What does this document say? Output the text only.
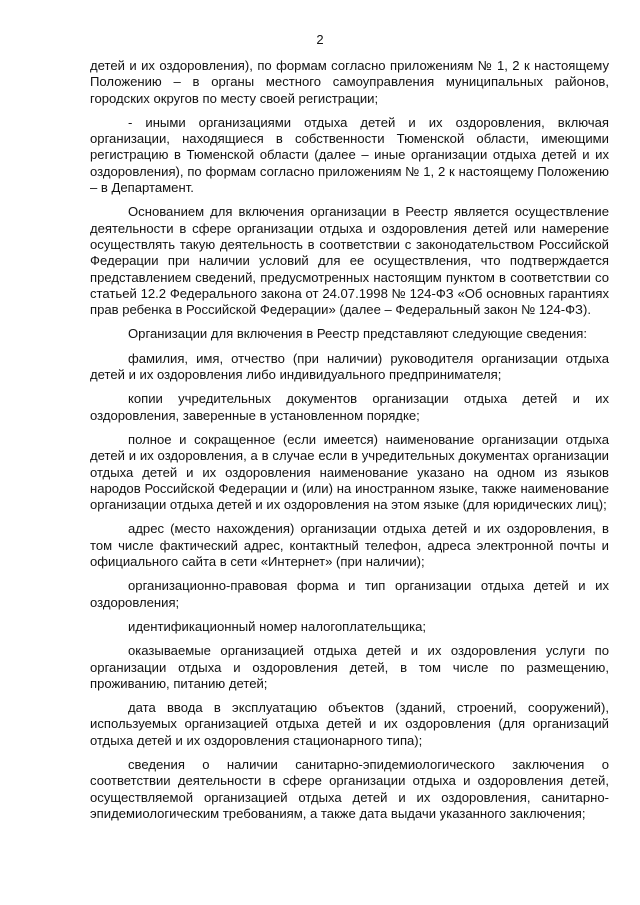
2

детей и их оздоровления), по формам согласно приложениям № 1, 2 к настоящему Положению – в органы местного самоуправления муниципальных районов, городских округов по месту своей регистрации;

- иными организациями отдыха детей и их оздоровления, включая организации, находящиеся в собственности Тюменской области, имеющими регистрацию в Тюменской области (далее – иные организации отдыха детей и их оздоровления), по формам согласно приложениям № 1, 2 к настоящему Положению – в Департамент.

Основанием для включения организации в Реестр является осуществление деятельности в сфере организации отдыха и оздоровления детей или намерение осуществлять такую деятельность в соответствии с законодательством Российской Федерации при наличии условий для ее осуществления, что подтверждается представлением сведений, предусмотренных настоящим пунктом в соответствии со статьей 12.2 Федерального закона от 24.07.1998 № 124-ФЗ «Об основных гарантиях прав ребенка в Российской Федерации» (далее – Федеральный закон № 124-ФЗ).

Организации для включения в Реестр представляют следующие сведения:

фамилия, имя, отчество (при наличии) руководителя организации отдыха детей и их оздоровления либо индивидуального предпринимателя;

копии учредительных документов организации отдыха детей и их оздоровления, заверенные в установленном порядке;

полное и сокращенное (если имеется) наименование организации отдыха детей и их оздоровления, а в случае если в учредительных документах организации отдыха детей и их оздоровления наименование указано на одном из языков народов Российской Федерации и (или) на иностранном языке, также наименование организации отдыха детей и их оздоровления на этом языке (для юридических лиц);

адрес (место нахождения) организации отдыха детей и их оздоровления, в том числе фактический адрес, контактный телефон, адреса электронной почты и официального сайта в сети «Интернет» (при наличии);

организационно-правовая форма и тип организации отдыха детей и их оздоровления;

идентификационный номер налогоплательщика;

оказываемые организацией отдыха детей и их оздоровления услуги по организации отдыха и оздоровления детей, в том числе по размещению, проживанию, питанию детей;

дата ввода в эксплуатацию объектов (зданий, строений, сооружений), используемых организацией отдыха детей и их оздоровления (для организаций отдыха детей и их оздоровления стационарного типа);

сведения о наличии санитарно-эпидемиологического заключения о соответствии деятельности в сфере организации отдыха и оздоровления детей, осуществляемой организацией отдыха детей и их оздоровления, санитарно-эпидемиологическим требованиям, а также дата выдачи указанного заключения;
